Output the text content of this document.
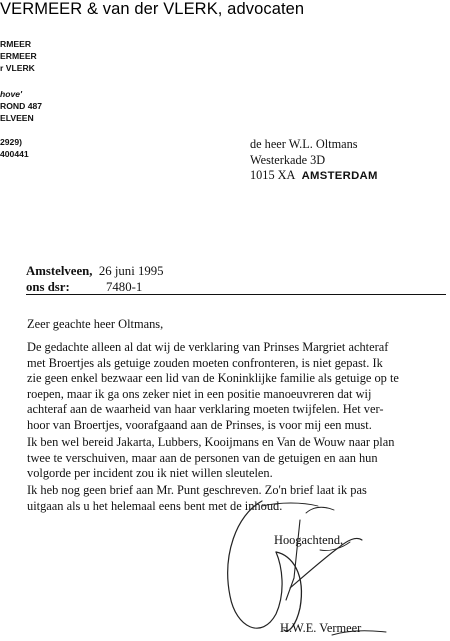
VERMEER & van der VLERK, advocaten
RMEER
ERMEER
r VLERK
hove'
ROND 487
ELVEEN
2929)
400441
de heer W.L. Oltmans
Westerkade 3D
1015 XA AMSTERDAM
Amstelveen, 26 juni 1995
ons dsr:	7480-1
Zeer geachte heer Oltmans,
De gedachte alleen al dat wij de verklaring van Prinses Margriet achteraf
met Broertjes als getuige zouden moeten confronteren, is niet gepast. Ik
zie geen enkel bezwaar een lid van de Koninklijke familie als getuige op te
roepen, maar ik ga ons zeker niet in een positie manoeuvreren dat wij
achteraf aan de waarheid van haar verklaring moeten twijfelen. Het ver-
hoor van Broertjes, voorafgaand aan de Prinses, is voor mij een must.
Ik ben wel bereid Jakarta, Lubbers, Kooijmans en Van de Wouw naar plan
twee te verschuiven, maar aan de personen van de getuigen en aan hun
volgorde per incident zou ik niet willen sleutelen.
Ik heb nog geen brief aan Mr. Punt geschreven. Zo'n brief laat ik pas
uitgaan als u het helemaal eens bent met de inhoud.
Hoogachtend,
H.W.E. Vermeer
